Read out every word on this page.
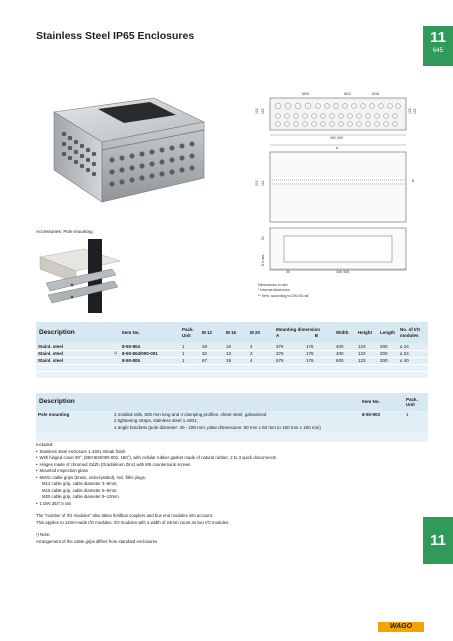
Stainless Steel IP65 Enclosures	11
645
Accessories: Pole mounting
M20	M12	M16
123 115	123 115
400, 600
A
200 112	B
30
8.5 mm
30	345, 545
Dimensions in mm
* Internal dimension
** Item: according to DIN 35 rail
Description		Item No.	Pack. Unit	M 12	M 16	M 20	Mounting dimension
A B		Width	Height	Length	No. of I/O modules
Stainl. steel		8-50-804	1	28	16	4	376	176	400	123	200	≤ 24
Stainl. steel	1)	8-50-804/000-001	1	32	13	2	376	176	400	123	200	≤ 24
Stainl. steel		8-50-805	1	67	19	4	576	176	600	123	200	≤ 40

Description		Item No.	Pack. Unit
Pole mounting	2 molded rails, 600 mm long and 4 clamping profiles, sheet steel, galvanized
2 tightening straps, stainless steel 1.4301;
4 angle brackets (pole diameter: 40 - 190 mm; plate dimensions: 50 mm x 50 mm to 150 mm x 150 mm)	8-50-903	1

Included:
• Stainless steel enclosure 1.4301 streak finish
• With hinged cover 90°, (850-804/000-001: 180°), with cellular rubber gasket made of natural rubber; 2 to 3 quick disconnects
• Hinges made of chromed GdZn (Gradokirum Zinc) with M5 countersunk screws
• Mounted inspection glass
• Metric cable grips (brass, nickel-plated), incl. filler plugs:
M12 cable grip, cable diameter 3–6mm;
M16 cable grip, cable diameter 5–9mm;
M20 cable grip, cable diameter 9–13mm
• 1 DIN 35/7.5 rail
The "number of I/O modules" also takes fieldbus couplers and bus end modules into account.
This applies to 12mm-wide I/O modules. I/O modules with a width of 24mm count as two I/O modules.
¹) Note:
Arrangement of the cable grips differs from standard enclosures	11
WAGO
